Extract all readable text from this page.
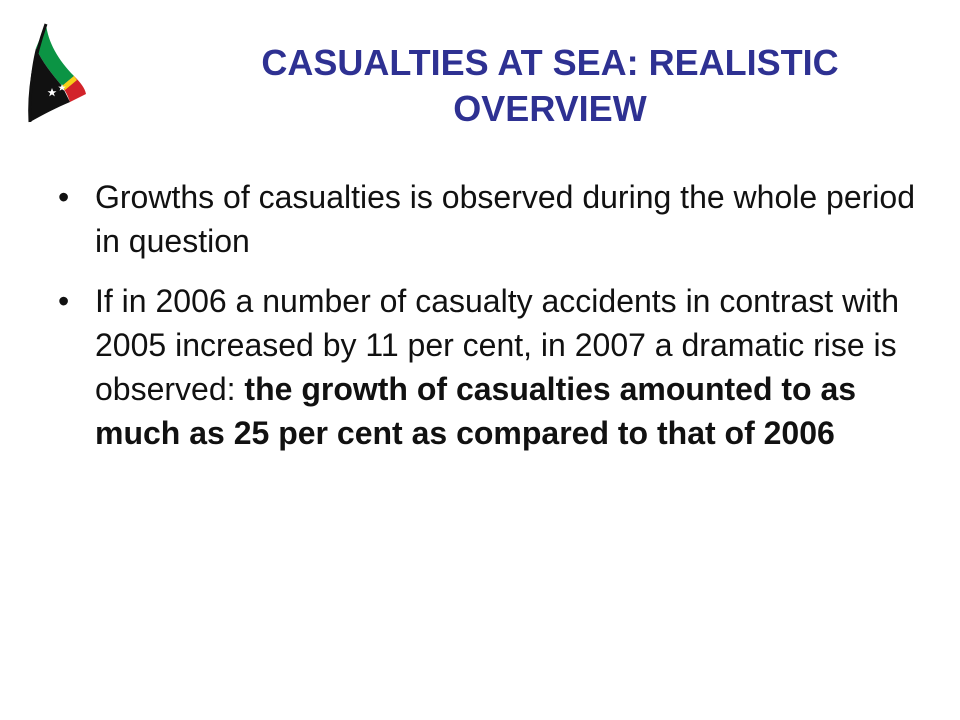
CASUALTIES AT SEA: REALISTIC
OVERVIEW
• Growths of casualties is observed during the whole period in question
• If in 2006 a number of casualty accidents in contrast with 2005 increased by 11 per cent, in 2007 a dramatic rise is observed: the growth of casualties amounted to as much as 25 per cent as compared to that of 2006
